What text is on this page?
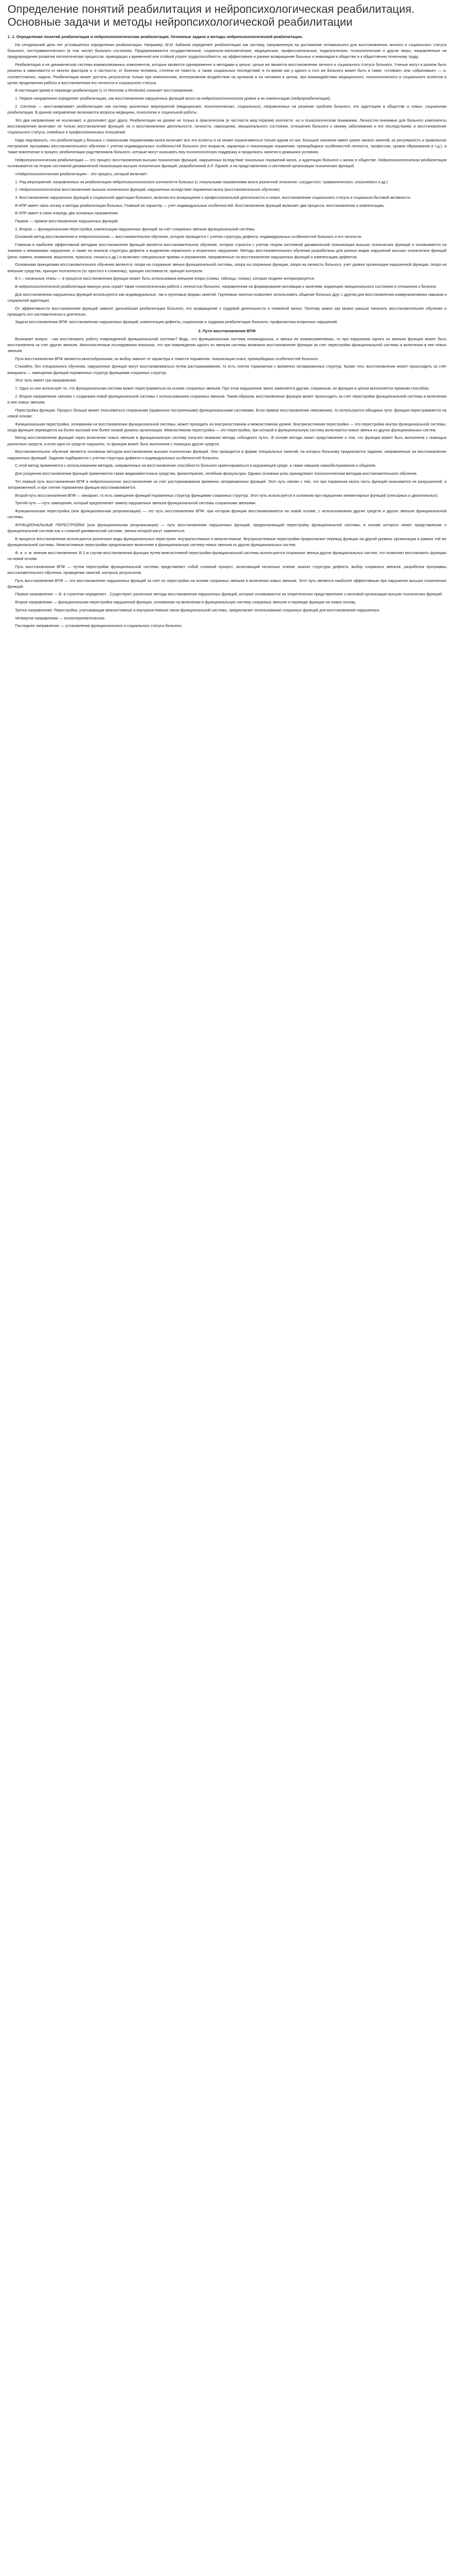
Определение понятий реабилитация и нейропсихологическая реабилитация. Основные задачи и методы нейропсихологической реабилитации
1. 1. Определение понятий реабилитация и нейропсихологическая реабилитация. Основные задачи и методы нейропсихологической реабилитации.

На сегодняшний день нет устоявшегося определения реабилитации. Например, М.М. Кабанов определяет реабилитацию как систему, направленную на достижение оптимального для восстановления личного и социального статуса больного, посттравматического (в том числе) больного состояния. Предпринимаются государственные, социально-экономические, медицинские, профессиональные, педагогические, психологические и другие меры, направленные на предупреждение развития патологических процессов, приводящих к временной или стойкой утрате трудоспособности, на эффективное и раннее возвращение больных и инвалидов в общество и к общественно полезному труду.

Реабилитация и ее динамическая система взаимосвязанных компонентов, которые являются одновременно и методами и целью: целью же является восстановление личного и социального статуса больного. Ученые могут в разном быть решены в зависимости от многих факторов и, в частности, от болезни человека, степени ее тяжести, а также социальных последствий; в то время как у одного и того же больного может быть и такие: «стойкие» или «обратимые» — и, соответственно, задачи. Реабилитация может достичь результатов только при комплексном, интегративном воздействии на организм и на человека в целом, при взаимодействии медицинского, психологического и социального аспектов в целях продолжения работы и восстановления его личности и социального статуса.

В настоящее время в переводе реабилитация (с от Recreate и Restitutio) означает восстановление.

1. Первое направление определяет реабилитацию, как восстановление нарушенных функций мозга на нейропсихологическом уровне и их компенсацию (нейрореабилитация).

2. Система — восстанавливает реабилитацию как систему различных мероприятий (медицинских, психологических, социальных), направленных на решение проблем больного, его адаптацию в обществе и семье, социальная реабилитация. В данное направление включаются вопросы медицины, психологии и социальной работы.

Это два направления не исключают, а дополняют друг друга. Реабилитация на уровне не только в практическом (в частности мед-терапия) контексте, но и психологическом понимании. Личностно-значимые для больного компоненты восстановления включают не только восстановление функций, но и восстановление деятельности, личности, самооценки, эмоционального состояния, отношения больного к своему заболеванию и его последствиям; и восстановление социального статуса, семейных и профессиональных отношений.

Надо подчеркнуть, что реабилитация у больных с локальными поражениями мозга включает все эти аспекты и не может ограничиваться только одним из них. Большое значение имеет ранее начало занятий, их регулярность и правильное построение программы восстановительного обучения с учетом индивидуальных особенностей больного (его возраста, характера и локализации поражения, преморбидных особенностей личности, профессии, уровня образования и т.д.), а также вовлечение в процесс реабилитации родственников больного, которые могут оказывать ему психологическую поддержку и продолжать занятия в домашних условиях.

Нейропсихологическая реабилитация — это процесс восстановления высших психических функций, нарушенных вследствие локальных поражений мозга, и адаптация больного к жизни в обществе. Нейропсихологическая реабилитация основывается на теории системной динамической локализации высших психических функций, разработанной А.Р. Лурией, и на представлениях о системной организации психических функций.

«Нейропсихологическая реабилитация» - это процесс, который включает:

1. Ряд мероприятий, направленных на реабилитацию нейропсихологического контингента больных (с локальными поражениями мозга различной этиологии: сосудистого, травматического, опухолевого и др.)

2. Нейропсихологическое восстановление высших психических функций, нарушенных вследствие поражения мозга (восстановительное обучение).

3. Восстановление нарушенных функций и социальной адаптации больного, включая его возвращение к профессиональной деятельности и семье, восстановление социального статуса и социально-бытовой активности.

В НПР имеет свою логику и методы реабилитации больных. Главный ее характер — учет индивидуальных особенностей. Восстановление функций включает два процесса: восстановление и компенсацию.

В НПР имеет в свою очередь два основных направления:

Первое — прямое восстановление нарушенных функций.

2. Второе — функциональная перестройка, компенсация нарушенных функций за счет сохранных звеньев функциональной системы.

Основной метод восстановления в нейропсихологии — восстановительное обучение, которое проводится с учетом структуры дефекта, индивидуальных особенностей больного и его личности.

Главным в наиболее эффективной методике восстановления функций является восстановительное обучение, которое строится с учетом теории системной динамической локализации высших психических функций и основывается на знаниях о механизмах нарушения, а также на анализе структуры дефекта и выделении первичного и вторичного нарушения. Методы восстановительного обучения разработаны для разных видов нарушений высших психических функций (речи, памяти, внимания, мышления, праксиса, гнозиса и др.) и включают специальные приемы и упражнения, направленные на восстановление нарушенных функций и компенсацию дефектов.

Основными принципами восстановительного обучения являются: опора на сохранные звенья функциональной системы, опора на сохранные функции, опора на личность больного, учет уровня организации нарушенной функции, опора на внешние средства, принцип поэтапности (от простого к сложному), принцип системности, принцип контроля.

В 1 – начальные этапы — в процессе восстановления функции может быть использована внешняя опора (схемы, таблицы, планы), которая позднее интериоризуется.

В нейропсихологической реабилитации важную роль играет также психологическая работа с личностью больного, направленная на формирование мотивации к занятиям, коррекцию эмоционального состояния и отношения к болезни.

Для восстановления нарушенных функций используются как индивидуальные, так и групповые формы занятий. Групповые занятия позволяют использовать общение больных друг с другом для восстановления коммуникативных навыков и социальной адаптации.

От эффективности восстановления функций зависит дальнейшая реабилитация больного, его возвращение к трудовой деятельности и семейной жизни. Поэтому важно как можно раньше начинать восстановительное обучение и проводить его систематически и длительно.

Задачи восстановления ВПФ: восстановление нарушенных функций, компенсация дефекта, социальная и трудовая реабилитация больного, профилактика вторичных нарушений.

2. Пути восстановления ВПФ

Возникает вопрос - как восстановить работу поврежденной функциональной системы? Ведь, что функциональная система полимодальна, и звенья ее взаимозаменяемы, то при нарушении одного из звеньев функция может быть восстановлена за счет других звеньев. Многочисленные исследования показали, что при повреждении одного из звеньев системы возможно восстановление функции за счет перестройки функциональной системы и включения в нее новых звеньев.

Пути восстановления ВПФ являются многообразными, их выбор зависит от характера и тяжести поражения, локализации очага, преморбидных особенностей больного.

Стихийно, без специального обучения, нарушенные функции могут восстанавливаться путем растормаживания, то есть снятия торможения с временно заторможенных структур. Кроме того, восстановление может происходить за счет викариата — замещения функций пораженных структур функциями сохранных структур.

Этот путь имеет три направления:

1. Одно из них использует то, что функциональная система может перестраиваться на основе сохранных звеньев. При этом нарушенное звено заменяется другим, сохранным, но функция в целом выполняется прежним способом.

2. Второе направление связано с созданием новой функциональной системы с использованием сохранных звеньев. Таким образом, восстановление функции может происходить за счет перестройки функциональной системы и включения в нее новых звеньев.

Перестройка функции. Процесс больше может пользоваться сохранными (правильно построенными) функциональными системами. Если прямое восстановление невозможно, то используются обходные пути: функция перестраивается на новой основе.

Функциональная перестройка, основанная на восстановлении функциональной системы, может проходить на внутрисистемном и межсистемном уровне. Внутрисистемная перестройка — это перестройка внутри функциональной системы, когда функция переводится на более высокий или более низкий уровень организации. Межсистемная перестройка — это перестройка, при которой в функциональную систему включаются новые звенья из других функциональных систем.

Метод восстановления функций через включение новых звеньев в функциональную систему получил название метода «обходного пути». В основе метода лежит представление о том, что функция может быть выполнена с помощью различных средств, и если одно из средств нарушено, то функция может быть выполнена с помощью других средств.

Восстановительное обучение является основным методом восстановления высших психических функций. Оно проводится в форме специальных занятий, на которых больному предлагаются задания, направленные на восстановление нарушенных функций. Задания подбираются с учетом структуры дефекта и индивидуальных особенностей больного.

С.итой метод применяется с использованием методов, направленных на восстановление способности больного ориентироваться в окружающей среде, а также навыков самообслуживания и общения.

Для ускорения восстановления функций применяются также медикаментозные средства, физиотерапия, лечебная физкультура. Однако основная роль принадлежит психологическим методам восстановительного обучения.

Тот первый путь восстановления ВПФ в нейропсихологии: восстановление за счет растормаживания временно заторможенных функций. Этот путь связан с тем, что при поражении мозга часть функций оказывается не разрушенной, а заторможенной, и при снятии торможения функция восстанавливается.

Второй путь восстановления ВПФ — викариат, то есть замещение функций пораженных структур функциями сохранных структур. Этот путь используется в основном при нарушении элементарных функций (сенсорных и двигательных).

Третий путь — путь замещения, который предполагает замену нарушенных звеньев функциональной системы сохранными звеньями.

Функциональная перестройка (или функциональная реорганизация) — это путь восстановления ВПФ, при котором функция восстанавливается на новой основе, с использованием других средств и других звеньев функциональной системы.

ФУНКЦИОНАЛЬНЫЕ ПЕРЕСТРОЙКИ (или функциональная реорганизация) — путь восстановления нарушенных функций, предполагающий перестройку функциональной системы, в основе которого лежит представление о функциональной системе как о сложной динамической системе, звенья которой могут заменяться.

В процессе восстановления используются различные виды функциональных перестроек: внутрисистемные и межсистемные. Внутрисистемные перестройки предполагают перевод функции на другой уровень организации в рамках той же функциональной системы. Межсистемные перестройки предполагают включение в функциональную систему новых звеньев из других функциональных систем.

Ф. и. л. м. мнение восстановления: В 1-м случае восстановления функции путем межсистемной перестройки функциональной системы используются сохранные звенья других функциональных систем, что позволяет восстановить функцию на новой основе.

Путь восстановления ВПФ — путем перестройки функциональной системы представляет собой сложный процесс, включающий несколько этапов: анализ структуры дефекта, выбор сохранных звеньев, разработка программы восстановительного обучения, проведение занятий, контроль результатов.

Путь восстановления ВПФ — это восстановление нарушенных функций за счет их перестройки на основе сохранных звеньев и включения новых звеньев. Этот путь является наиболее эффективным при нарушении высших психических функций.

Первое направление — В. в стратегии определяет... Существуют различные методы восстановления нарушенных функций, которые основываются на теоретических представлениях о мозговой организации высших психических функций.

Второе направление — функциональная перестройка нарушенной функции, основанная на включении в функциональную систему сохранных звеньев и переводе функции на новую основу.

Третье направление: Перестройка, учитывающая межсистемные и внутрисистемные связи функциональной системы, предполагает использование сохранных функций для восстановления нарушенных.

Четвертое направление — психотерапевтическое.

Последнее направление — установление функционального и социального статуса больного.
